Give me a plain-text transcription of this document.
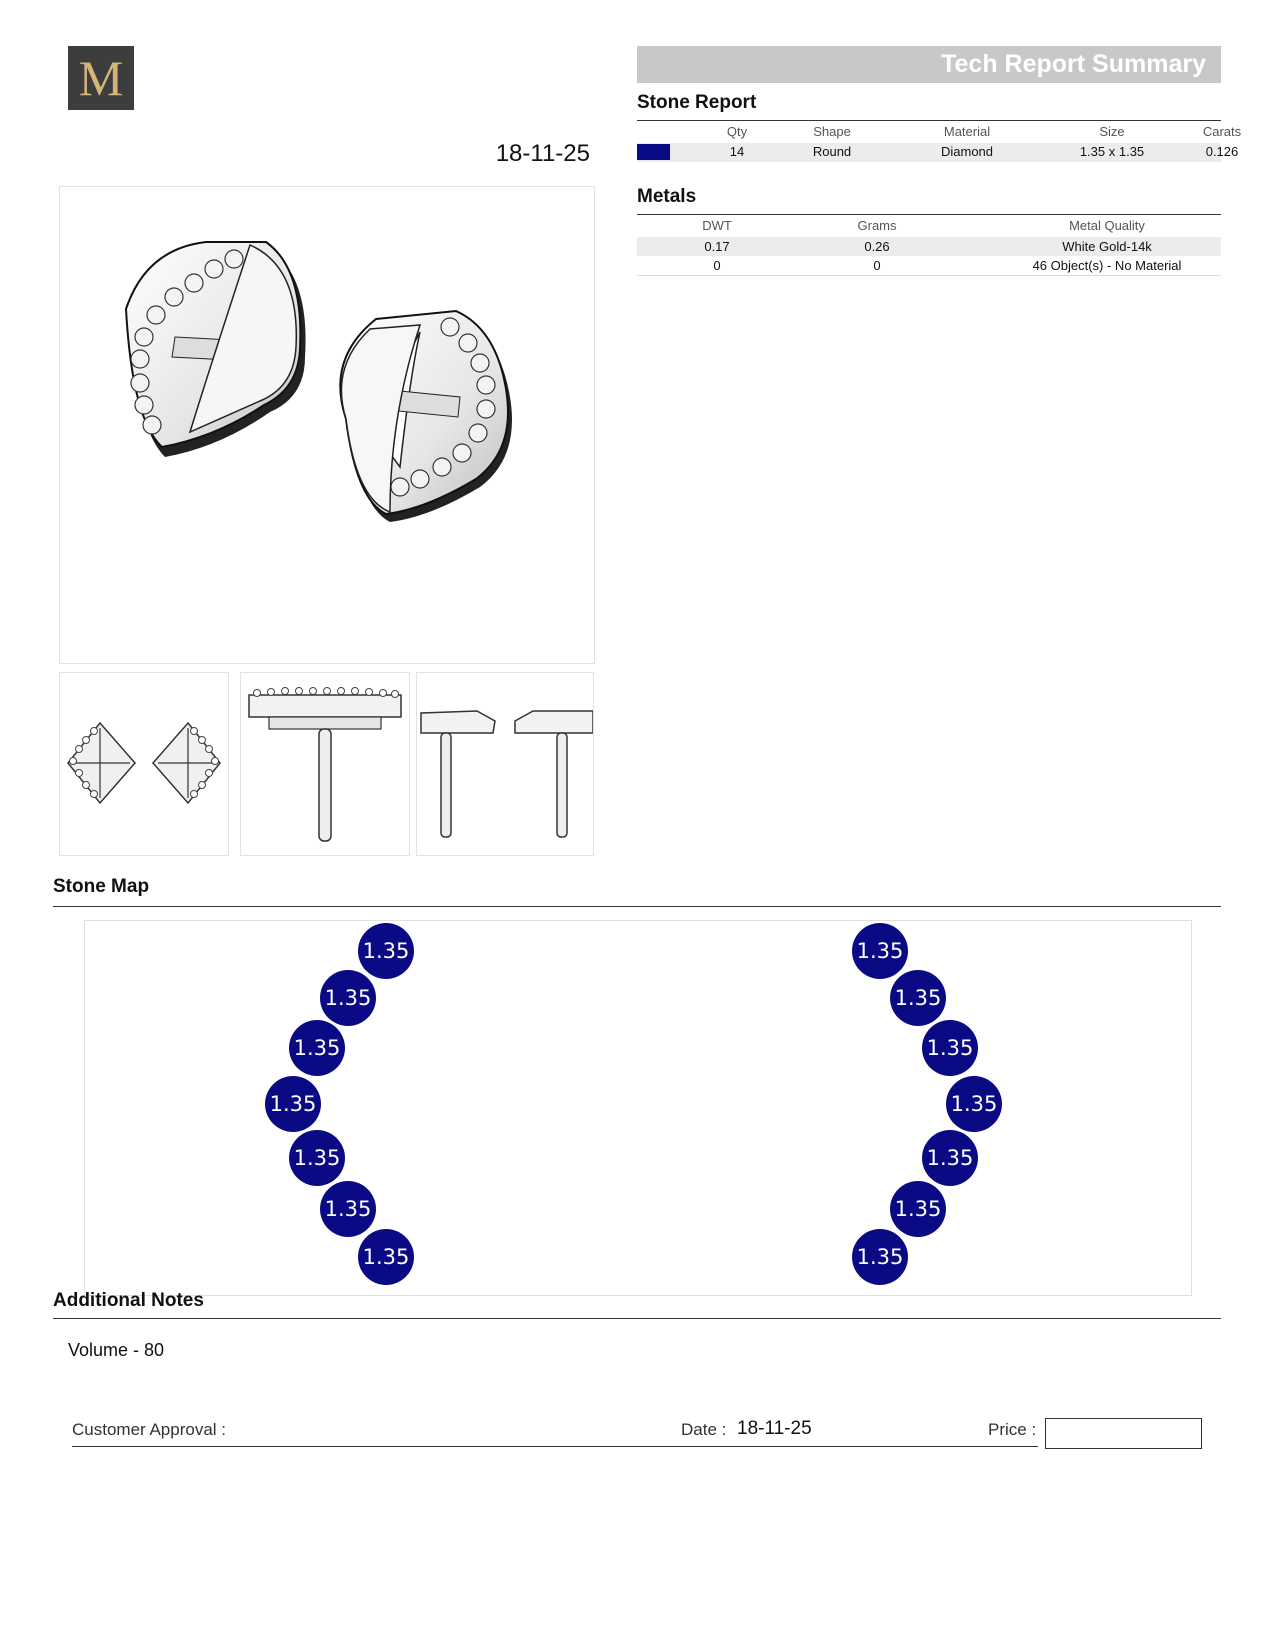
M
18-11-25
Tech Report Summary
Stone Report
Qty	Shape	Material	Size	Carats
14	Round	Diamond	1.35 x 1.35	0.126
Metals
DWT	Grams	Metal Quality
0.17	0.26	White Gold-14k
0	0	46 Object(s) - No Material
Stone Map
1.35
1.35
1.35
1.35
1.35
1.35
1.35
1.35
1.35
1.35
1.35
1.35
1.35
1.35
Additional Notes
Volume - 80
Customer Approval :	Date : 18-11-25	Price :
